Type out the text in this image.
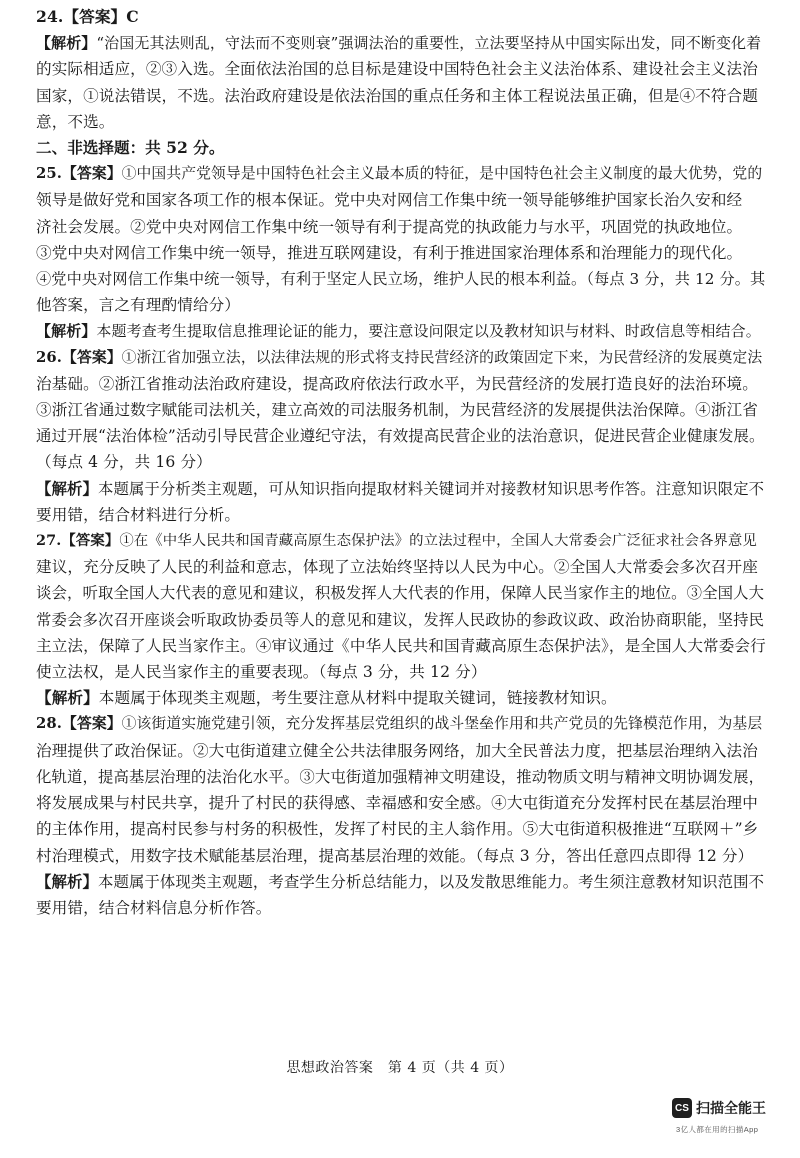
24.【答案】C
【解析】“治国无其法则乱，守法而不变则衰”强调法治的重要性，立法要坚持从中国实际出发，同不断变化着
的实际相适应，②③入选。全面依法治国的总目标是建设中国特色社会主义法治体系、建设社会主义法治
国家，①说法错误，不选。法治政府建设是依法治国的重点任务和主体工程说法虽正确，但是④不符合题
意，不选。
二、非选择题：共 52 分。
25.【答案】①中国共产党领导是中国特色社会主义最本质的特征，是中国特色社会主义制度的最大优势，党的
领导是做好党和国家各项工作的根本保证。党中央对网信工作集中统一领导能够维护国家长治久安和经
济社会发展。②党中央对网信工作集中统一领导有利于提高党的执政能力与水平，巩固党的执政地位。
③党中央对网信工作集中统一领导，推进互联网建设，有利于推进国家治理体系和治理能力的现代化。
④党中央对网信工作集中统一领导，有利于坚定人民立场，维护人民的根本利益。（每点 3 分，共 12 分。其
他答案，言之有理酌情给分）
【解析】本题考查考生提取信息推理论证的能力，要注意设问限定以及教材知识与材料、时政信息等相结合。
26.【答案】①浙江省加强立法，以法律法规的形式将支持民营经济的政策固定下来，为民营经济的发展奠定法
治基础。②浙江省推动法治政府建设，提高政府依法行政水平，为民营经济的发展打造良好的法治环境。
③浙江省通过数字赋能司法机关，建立高效的司法服务机制，为民营经济的发展提供法治保障。④浙江省
通过开展“法治体检”活动引导民营企业遵纪守法，有效提高民营企业的法治意识，促进民营企业健康发展。
（每点 4 分，共 16 分）
【解析】本题属于分析类主观题，可从知识指向提取材料关键词并对接教材知识思考作答。注意知识限定不
要用错，结合材料进行分析。
27.【答案】①在《中华人民共和国青藏高原生态保护法》的立法过程中，全国人大常委会广泛征求社会各界意见
建议，充分反映了人民的利益和意志，体现了立法始终坚持以人民为中心。②全国人大常委会多次召开座
谈会，听取全国人大代表的意见和建议，积极发挥人大代表的作用，保障人民当家作主的地位。③全国人大
常委会多次召开座谈会听取政协委员等人的意见和建议，发挥人民政协的参政议政、政治协商职能，坚持民
主立法，保障了人民当家作主。④审议通过《中华人民共和国青藏高原生态保护法》，是全国人大常委会行
使立法权，是人民当家作主的重要表现。（每点 3 分，共 12 分）
【解析】本题属于体现类主观题，考生要注意从材料中提取关键词，链接教材知识。
28.【答案】①该街道实施党建引领，充分发挥基层党组织的战斗堡垒作用和共产党员的先锋模范作用，为基层
治理提供了政治保证。②大屯街道建立健全公共法律服务网络，加大全民普法力度，把基层治理纳入法治
化轨道，提高基层治理的法治化水平。③大屯街道加强精神文明建设，推动物质文明与精神文明协调发展，
将发展成果与村民共享，提升了村民的获得感、幸福感和安全感。④大屯街道充分发挥村民在基层治理中
的主体作用，提高村民参与村务的积极性，发挥了村民的主人翁作用。⑤大屯街道积极推进“互联网＋”乡
村治理模式，用数字技术赋能基层治理，提高基层治理的效能。（每点 3 分，答出任意四点即得 12 分）
【解析】本题属于体现类主观题，考查学生分析总结能力，以及发散思维能力。考生须注意教材知识范围不
要用错，结合材料信息分析作答。
思想政治答案　第 4 页（共 4 页）
CS 扫描全能王
3亿人都在用的扫描App
